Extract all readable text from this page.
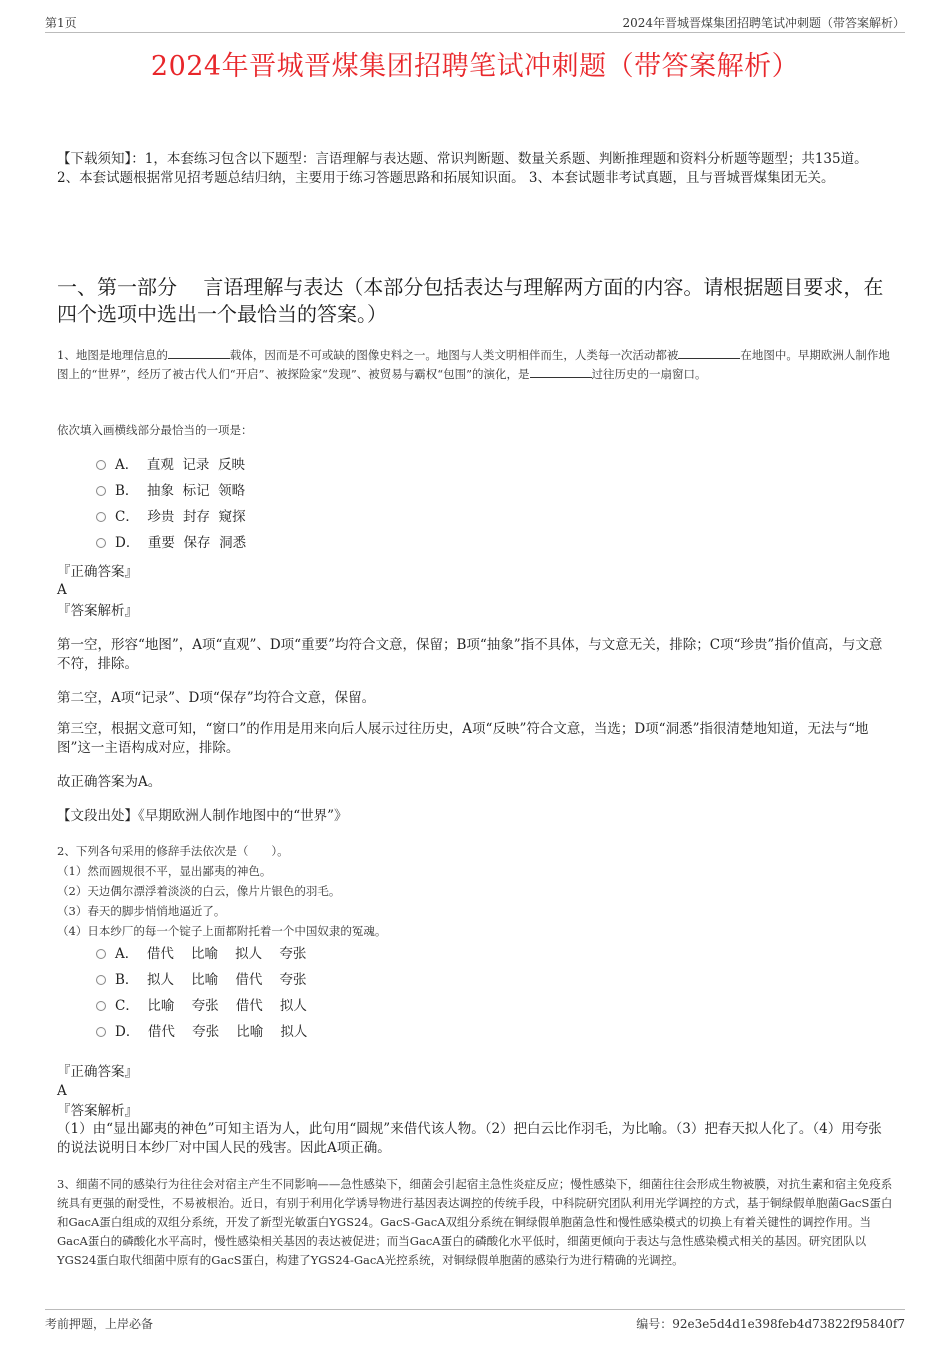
第1页	2024年晋城晋煤集团招聘笔试冲刺题（带答案解析）
2024年晋城晋煤集团招聘笔试冲刺题（带答案解析）
【下载须知】：1，本套练习包含以下题型：言语理解与表达题、常识判断题、数量关系题、判断推理题和资料分析题等题型；共135道。 2、本套试题根据常见招考题总结归纳，主要用于练习答题思路和拓展知识面。 3、本套试题非考试真题，且与晋城晋煤集团无关。
一、第一部分　 言语理解与表达（本部分包括表达与理解两方面的内容。请根据题目要求，在四个选项中选出一个最恰当的答案。）
1、地图是地理信息的	载体，因而是不可或缺的图像史料之一。地图与人类文明相伴而生，人类每一次活动都被	在地图中。早期欧洲人制作地图上的“世界”，经历了被古代人们“开启”、被探险家“发现”、被贸易与霸权“包围”的演化，是	过往历史的一扇窗口。
依次填入画横线部分最恰当的一项是：
A．  直观  记录  反映
B．  抽象  标记  领略
C．  珍贵  封存  窥探
D．  重要  保存  洞悉
『正确答案』
A
『答案解析』
第一空，形容“地图”，A项“直观”、D项“重要”均符合文意，保留；B项“抽象”指不具体，与文意无关，排除；C项“珍贵”指价值高，与文意不符，排除。
第二空，A项“记录”、D项“保存”均符合文意，保留。
第三空，根据文意可知，“窗口”的作用是用来向后人展示过往历史，A项“反映”符合文意，当选；D项“洞悉”指很清楚地知道，无法与“地图”这一主语构成对应，排除。
故正确答案为A。
【文段出处】《早期欧洲人制作地图中的“世界”》
2、下列各句采用的修辞手法依次是（　　）。
（1）然而圆规很不平，显出鄙夷的神色。
（2）天边偶尔漂浮着淡淡的白云，像片片银色的羽毛。
（3）春天的脚步悄悄地逼近了。
（4）日本纱厂的每一个锭子上面都附托着一个中国奴隶的冤魂。
A．  借代    比喻    拟人    夸张
B．  拟人    比喻    借代    夸张
C．  比喻    夸张    借代    拟人
D．  借代    夸张    比喻    拟人
『正确答案』
A
『答案解析』
（1）由“显出鄙夷的神色”可知主语为人，此句用“圆规”来借代该人物。（2）把白云比作羽毛，为比喻。（3）把春天拟人化了。（4）用夸张的说法说明日本纱厂对中国人民的残害。因此A项正确。
3、细菌不同的感染行为往往会对宿主产生不同影响——急性感染下，细菌会引起宿主急性炎症反应；慢性感染下，细菌往往会形成生物被膜，对抗生素和宿主免疫系统具有更强的耐受性，不易被根治。近日，有别于利用化学诱导物进行基因表达调控的传统手段，中科院研究团队利用光学调控的方式，基于铜绿假单胞菌GacS蛋白和GacA蛋白组成的双组分系统，开发了新型光敏蛋白YGS24。GacS-GacA双组分系统在铜绿假单胞菌急性和慢性感染模式的切换上有着关键性的调控作用。当GacA蛋白的磷酸化水平高时，慢性感染相关基因的表达被促进；而当GacA蛋白的磷酸化水平低时，细菌更倾向于表达与急性感染模式相关的基因。研究团队以YGS24蛋白取代细菌中原有的GacS蛋白，构建了YGS24-GacA光控系统，对铜绿假单胞菌的感染行为进行精确的光调控。
考前押题，上岸必备	编号：92e3e5d4d1e398feb4d73822f95840f7
